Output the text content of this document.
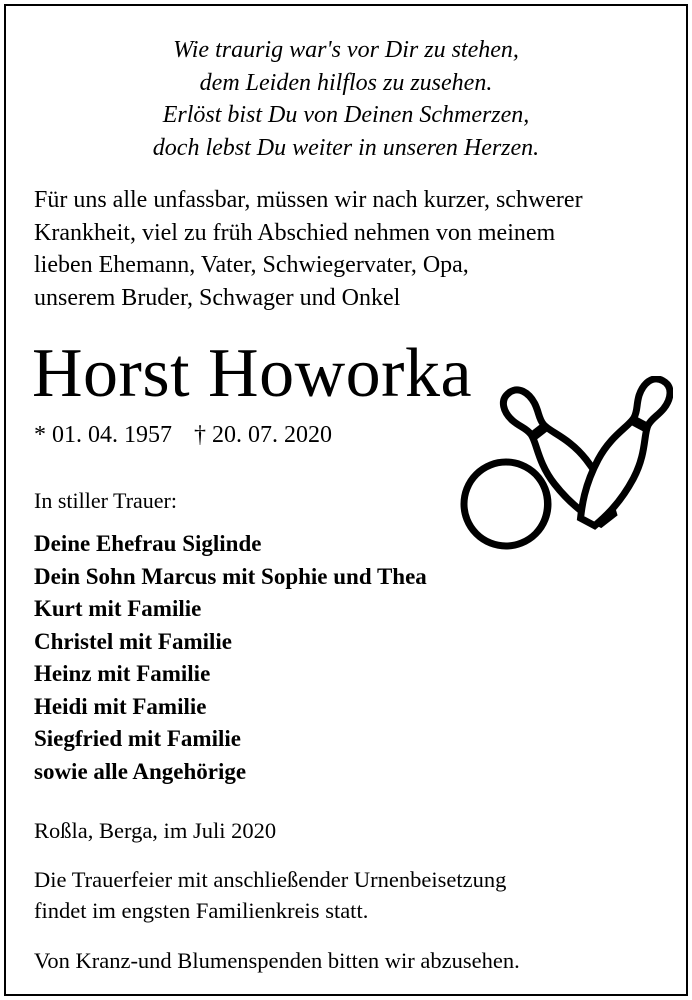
Wie traurig war's vor Dir zu stehen,
dem Leiden hilflos zu zusehen.
Erlöst bist Du von Deinen Schmerzen,
doch lebst Du weiter in unseren Herzen.
Für uns alle unfassbar, müssen wir nach kurzer, schwerer
Krankheit, viel zu früh Abschied nehmen von meinem
lieben Ehemann, Vater, Schwiegervater, Opa,
unserem Bruder, Schwager und Onkel
Horst Howorka
* 01. 04. 1957 † 20. 07. 2020
In stiller Trauer:
Deine Ehefrau Siglinde
Dein Sohn Marcus mit Sophie und Thea
Kurt mit Familie
Christel mit Familie
Heinz mit Familie
Heidi mit Familie
Siegfried mit Familie
sowie alle Angehörige
Roßla, Berga, im Juli 2020
Die Trauerfeier mit anschließender Urnenbeisetzung
findet im engsten Familienkreis statt.
Von Kranz-und Blumenspenden bitten wir abzusehen.
